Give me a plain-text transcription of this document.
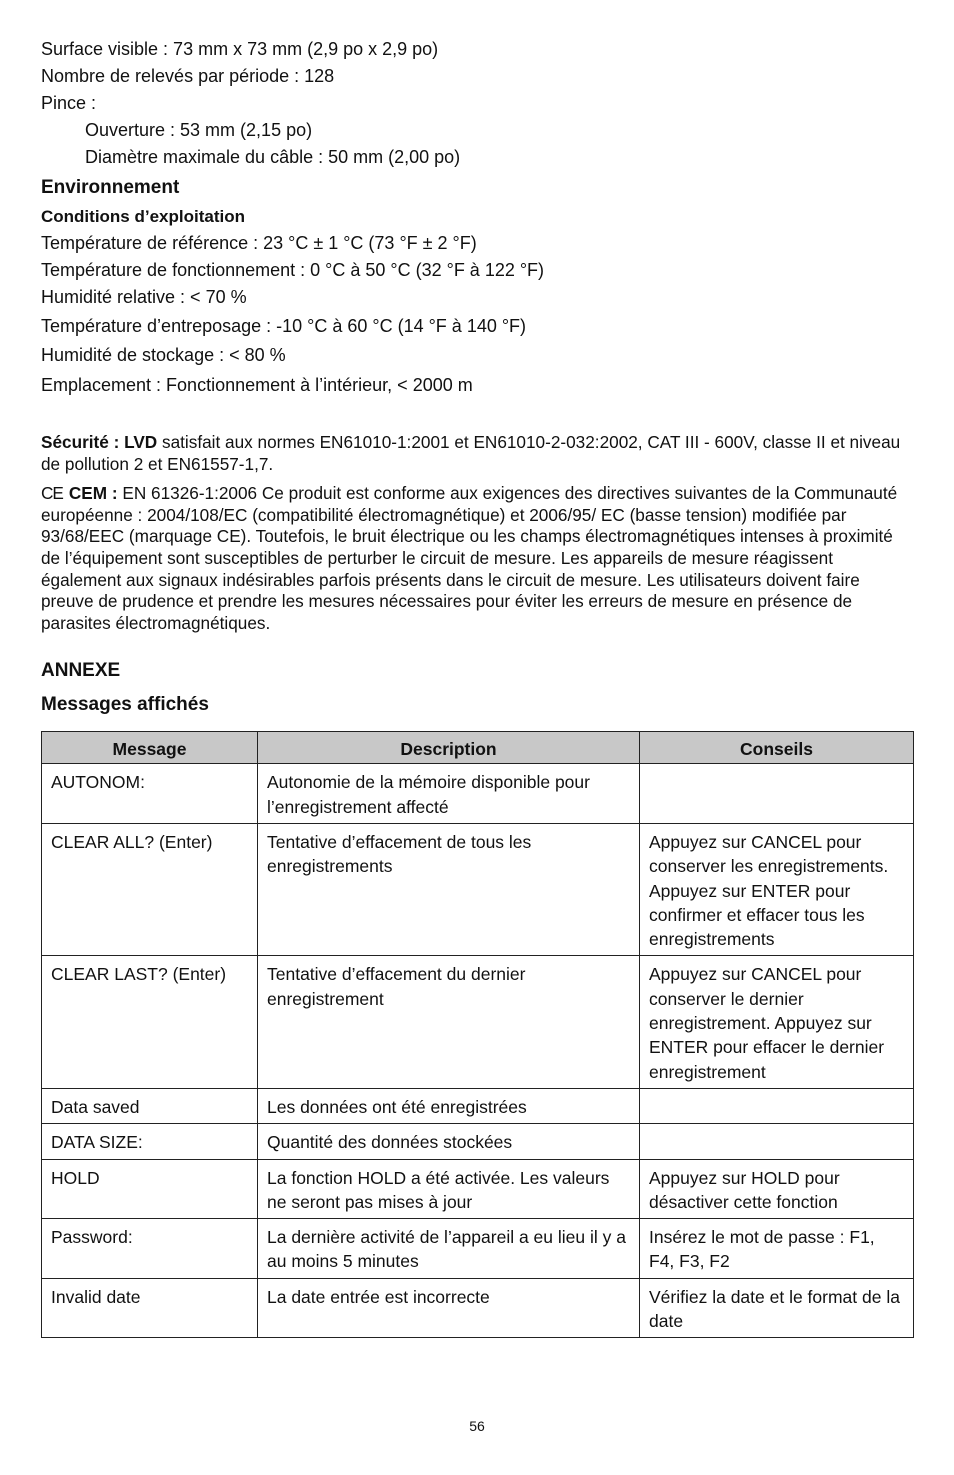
Surface visible : 73 mm x 73 mm (2,9 po x 2,9 po)
Nombre de relevés par période : 128
Pince :
Ouverture : 53 mm (2,15 po)
Diamètre maximale du câble : 50 mm (2,00 po)
Environnement
Conditions d’exploitation
Température de référence : 23 °C ± 1 °C (73 °F ± 2 °F)
Température de fonctionnement : 0 °C à 50 °C (32 °F à 122 °F)
Humidité relative : < 70 %
Température d’entreposage : -10 °C à 60 °C (14 °F à 140 °F)
Humidité de stockage : < 80 %
Emplacement : Fonctionnement à l’intérieur, < 2000 m
Sécurité : LVD satisfait aux normes EN61010-1:2001 et EN61010-2-032:2002, CAT III - 600V, classe II et niveau de pollution 2 et EN61557-1,7.
CE CEM : EN 61326-1:2006 Ce produit est conforme aux exigences des directives suivantes de la Communauté européenne : 2004/108/EC (compatibilité électromagnétique) et 2006/95/ EC (basse tension) modifiée par 93/68/EEC (marquage CE). Toutefois, le bruit électrique ou les champs électromagnétiques intenses à proximité de l’équipement sont susceptibles de perturber le circuit de mesure. Les appareils de mesure réagissent également aux signaux indésirables parfois présents dans le circuit de mesure. Les utilisateurs doivent faire preuve de prudence et prendre les mesures nécessaires pour éviter les erreurs de mesure en présence de parasites électromagnétiques.
ANNEXE
Messages affichés
Message	Description	Conseils
AUTONOM:	Autonomie de la mémoire disponible pour l’enregistrement affecté	
CLEAR ALL? (Enter)	Tentative d’effacement de tous les enregistrements	Appuyez sur CANCEL pour conserver les enregistrements. Appuyez sur ENTER pour confirmer et effacer tous les enregistrements
CLEAR LAST? (Enter)	Tentative d’effacement du dernier enregistrement	Appuyez sur CANCEL pour conserver le dernier enregistrement. Appuyez sur ENTER pour effacer le dernier enregistrement
Data saved	Les données ont été enregistrées	
DATA SIZE:	Quantité des données stockées	
HOLD	La fonction HOLD a été activée. Les valeurs ne seront pas mises à jour	Appuyez sur HOLD pour désactiver cette fonction
Password:	La dernière activité de l’appareil a eu lieu il y a au moins 5 minutes	Insérez le mot de passe : F1, F4, F3, F2
Invalid date	La date entrée est incorrecte	Vérifiez la date et le format de la date
56
